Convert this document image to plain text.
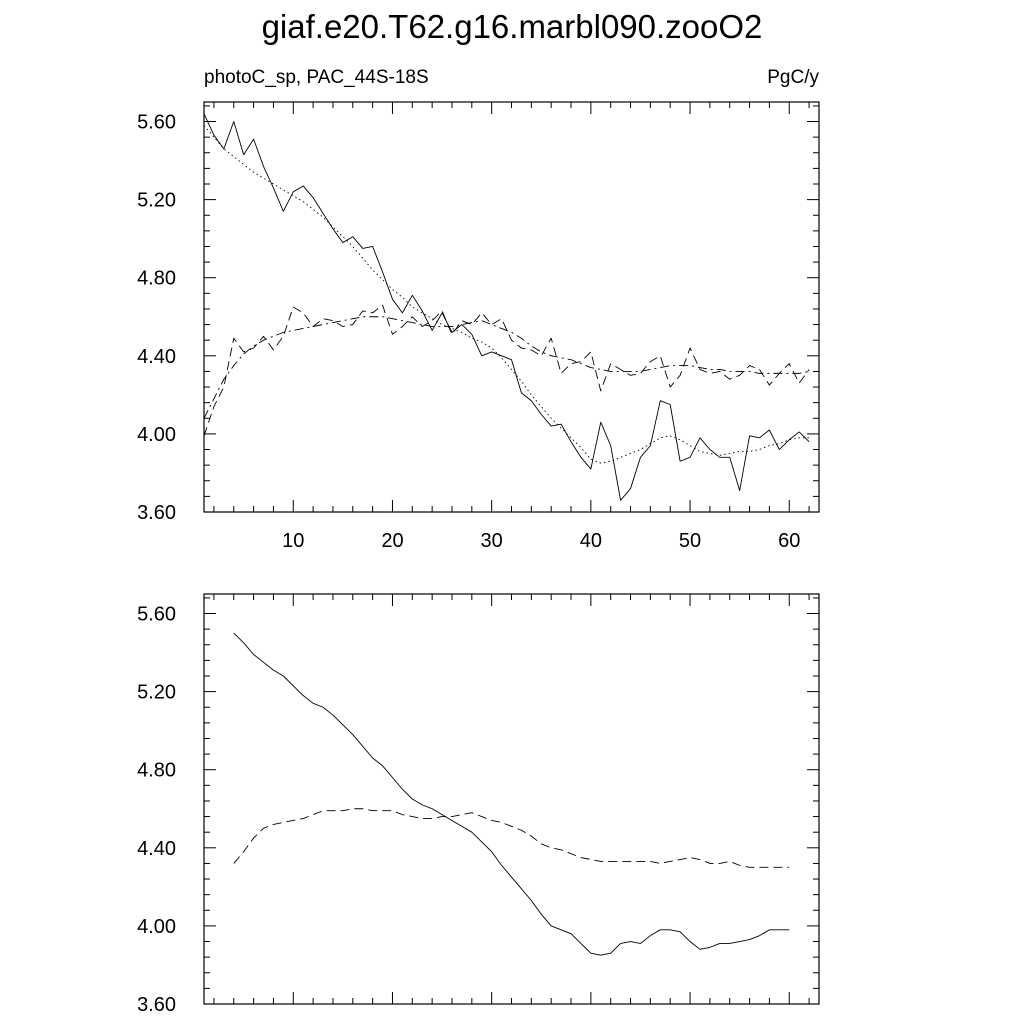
giaf.e20.T62.g16.marbl090.zooO2
photoC_sp, PAC_44S-18S	PgC/y
10	20	30	40	50	60
5.60
5.20
4.80
4.40
4.00
3.60
5.60
5.20
4.80
4.40
4.00
3.60
